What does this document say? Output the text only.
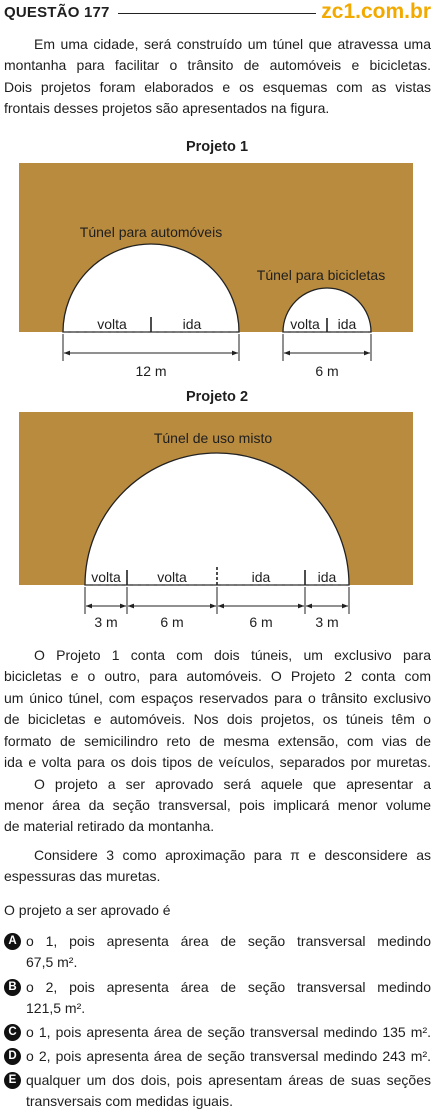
QUESTÃO 177	zc1.com.br
Em uma cidade, será construído um túnel que atravessa uma
montanha para facilitar o trânsito de automóveis e bicicletas.
Dois projetos foram elaborados e os esquemas com as vistas
frontais desses projetos são apresentados na figura.
Projeto 1
Túnel para automóveis
volta	ida
Túnel para bicicletas
volta ida
12 m	6 m
Projeto 2
Túnel de uso misto
volta	volta	ida	ida
3 m	6 m	6 m	3 m
O Projeto 1 conta com dois túneis, um exclusivo para
bicicletas e o outro, para automóveis. O Projeto 2 conta com
um único túnel, com espaços reservados para o trânsito exclusivo
de bicicletas e automóveis. Nos dois projetos, os túneis têm o
formato de semicilindro reto de mesma extensão, com vias de
ida e volta para os dois tipos de veículos, separados por muretas.
O projeto a ser aprovado será aquele que apresentar a
menor área da seção transversal, pois implicará menor volume
de material retirado da montanha.
Considere 3 como aproximação para π e desconsidere as
espessuras das muretas.
O projeto a ser aprovado é
A o 1, pois apresenta área de seção transversal medindo
67,5 m².
B o 2, pois apresenta área de seção transversal medindo
121,5 m².
C o 1, pois apresenta área de seção transversal medindo 135 m².
D o 2, pois apresenta área de seção transversal medindo 243 m².
E qualquer um dos dois, pois apresentam áreas de suas seções
transversais com medidas iguais.
